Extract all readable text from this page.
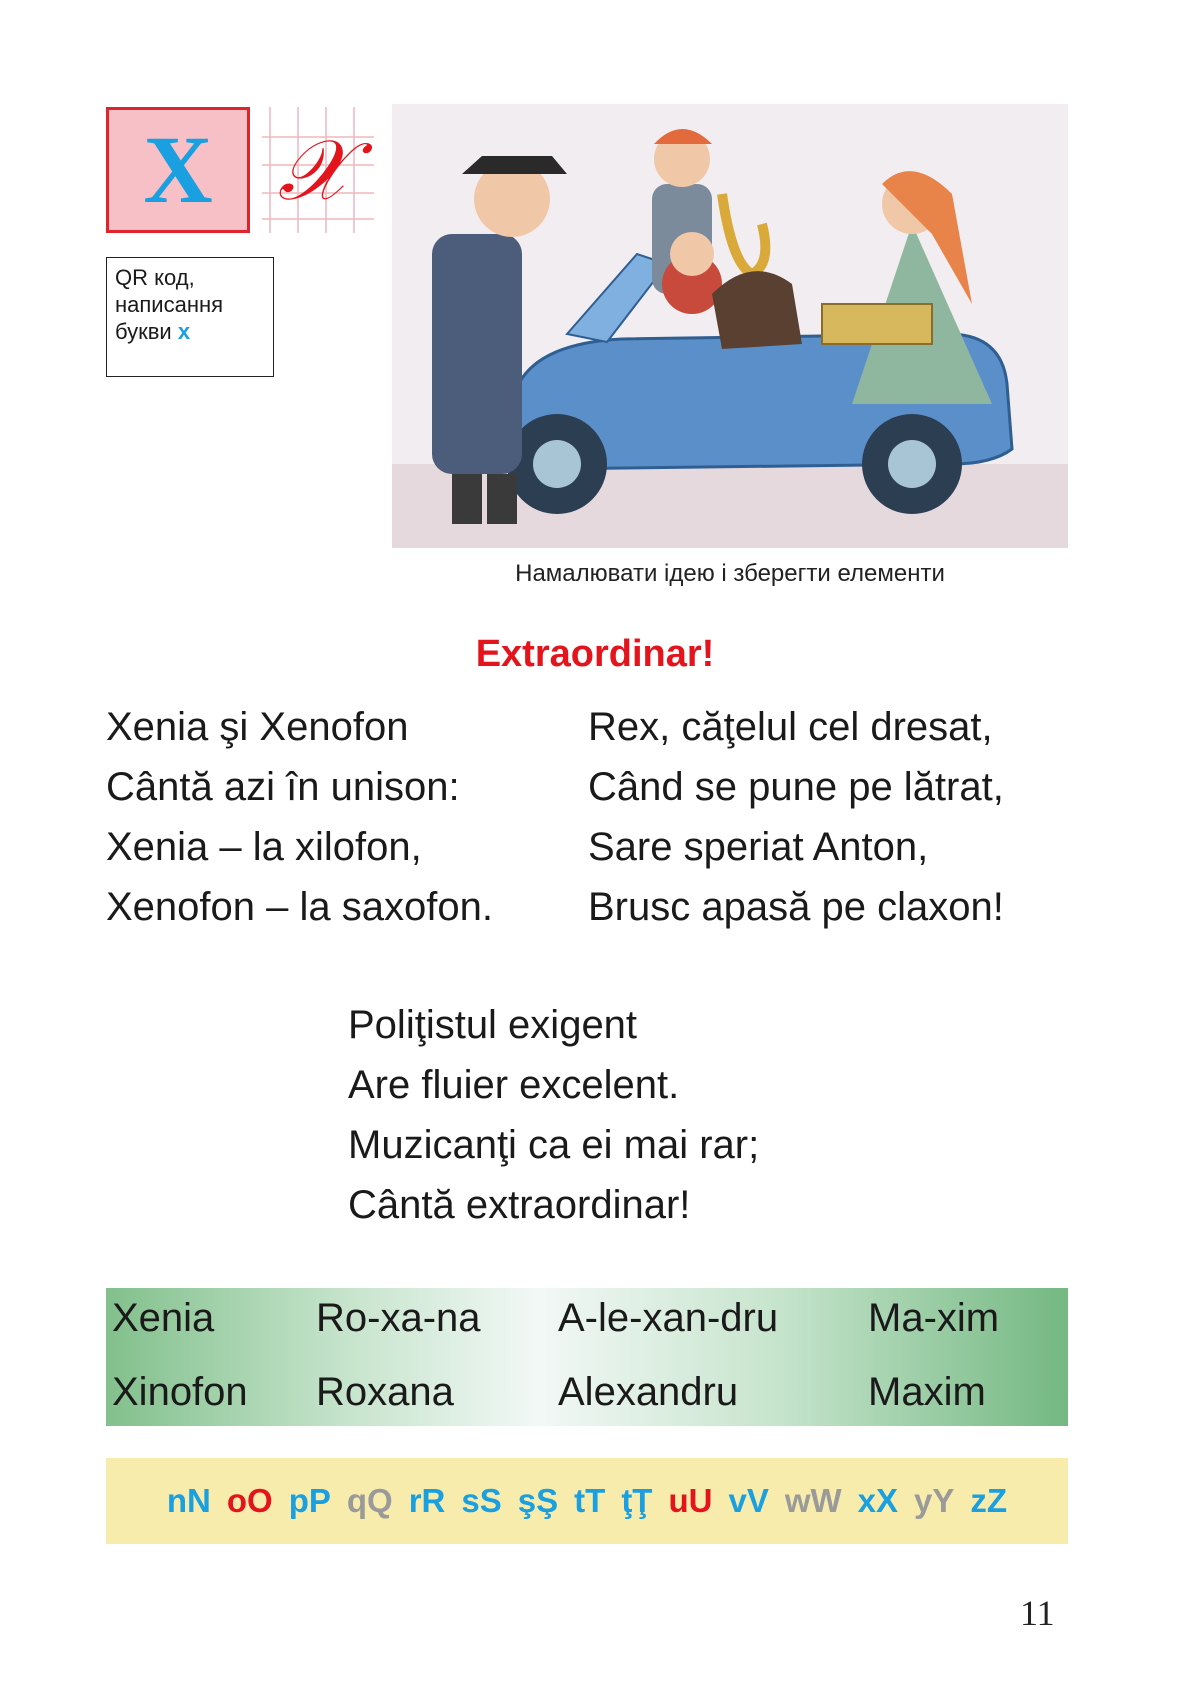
X 𝒳
QR код,
написання
букви x
Намалювати ідею і зберегти елементи
Extraordinar!
Xenia şi Xenofon
Cântă azi în unison:
Xenia – la xilofon,
Xenofon – la saxofon.
Rex, căţelul cel dresat,
Când se pune pe lătrat,
Sare speriat Anton,
Brusc apasă pe claxon!
Poliţistul exigent
Are fluier excelent.
Muzicanţi ca ei mai rar;
Cântă extraordinar!
Xenia	Ro-xa-na A-le-xan-dru Ma-xim
Xinofon Roxana	Alexandru	Maxim
nN oO pP qQ rR sS şŞ tT ţŢ uU vV wW xX yY zZ
11
